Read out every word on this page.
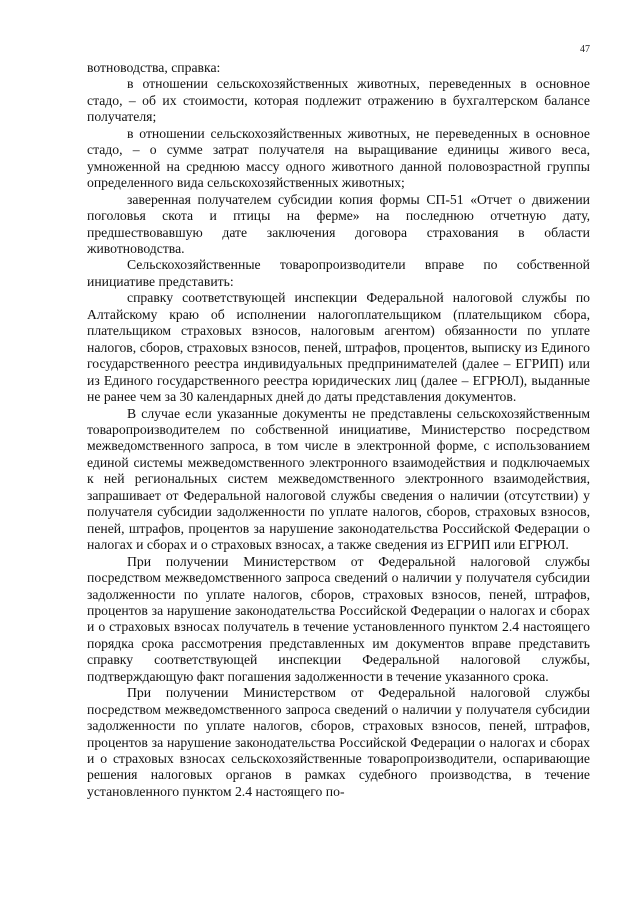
47

вотноводства, справка:

в отношении сельскохозяйственных животных, переведенных в основное стадо, – об их стоимости, которая подлежит отражению в бухгалтерском балансе получателя;

в отношении сельскохозяйственных животных, не переведенных в основное стадо, – о сумме затрат получателя на выращивание единицы живого веса, умноженной на среднюю массу одного животного данной половозрастной группы определенного вида сельскохозяйственных животных;

заверенная получателем субсидии копия формы СП-51 «Отчет о движении поголовья скота и птицы на ферме» на последнюю отчетную дату, предшествовавшую дате заключения договора страхования в области животноводства.

Сельскохозяйственные товаропроизводители вправе по собственной инициативе представить:

справку соответствующей инспекции Федеральной налоговой службы по Алтайскому краю об исполнении налогоплательщиком (плательщиком сбора, плательщиком страховых взносов, налоговым агентом) обязанности по уплате налогов, сборов, страховых взносов, пеней, штрафов, процентов, выписку из Единого государственного реестра индивидуальных предпринимателей (далее – ЕГРИП) или из Единого государственного реестра юридических лиц (далее – ЕГРЮЛ), выданные не ранее чем за 30 календарных дней до даты представления документов.

В случае если указанные документы не представлены сельскохозяйственным товаропроизводителем по собственной инициативе, Министерство посредством межведомственного запроса, в том числе в электронной форме, с использованием единой системы межведомственного электронного взаимодействия и подключаемых к ней региональных систем межведомственного электронного взаимодействия, запрашивает от Федеральной налоговой службы сведения о наличии (отсутствии) у получателя субсидии задолженности по уплате налогов, сборов, страховых взносов, пеней, штрафов, процентов за нарушение законодательства Российской Федерации о налогах и сборах и о страховых взносах, а также сведения из ЕГРИП или ЕГРЮЛ.

При получении Министерством от Федеральной налоговой службы посредством межведомственного запроса сведений о наличии у получателя субсидии задолженности по уплате налогов, сборов, страховых взносов, пеней, штрафов, процентов за нарушение законодательства Российской Федерации о налогах и сборах и о страховых взносах получатель в течение установленного пунктом 2.4 настоящего порядка срока рассмотрения представленных им документов вправе представить справку соответствующей инспекции Федеральной налоговой службы, подтверждающую факт погашения задолженности в течение указанного срока.

При получении Министерством от Федеральной налоговой службы посредством межведомственного запроса сведений о наличии у получателя субсидии задолженности по уплате налогов, сборов, страховых взносов, пеней, штрафов, процентов за нарушение законодательства Российской Федерации о налогах и сборах и о страховых взносах сельскохозяйственные товаропроизводители, оспаривающие решения налоговых органов в рамках судебного производства, в течение установленного пунктом 2.4 настоящего по-
